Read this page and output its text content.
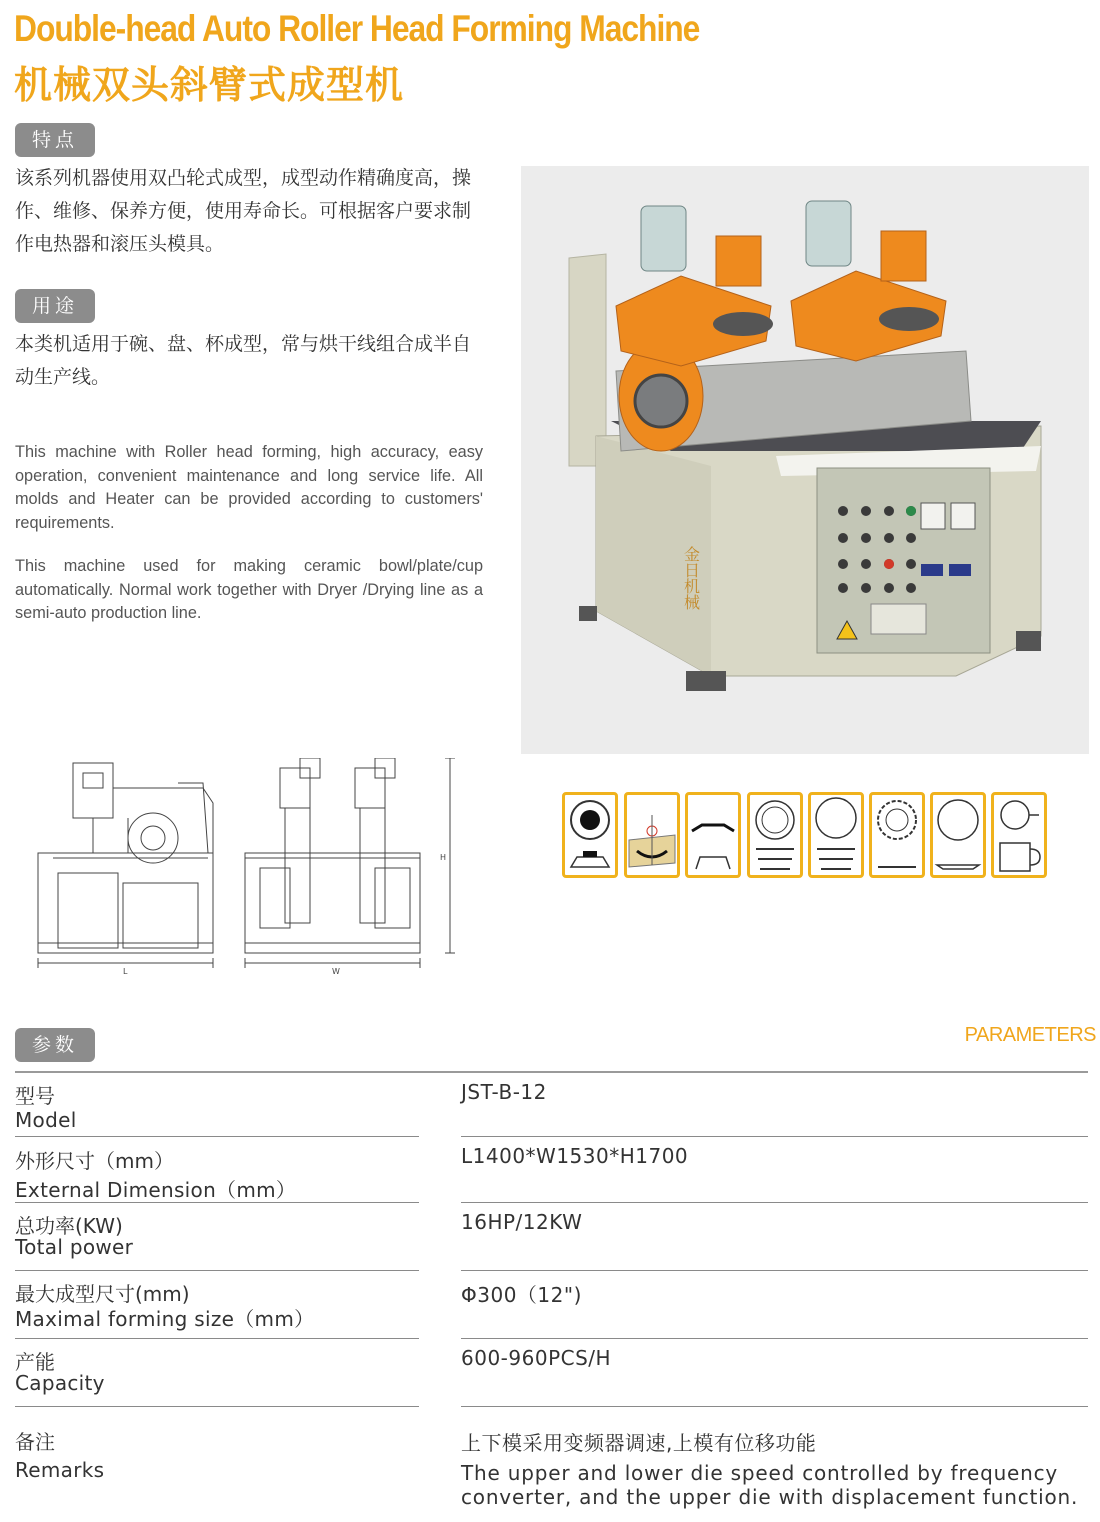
Double-head Auto Roller Head Forming Machine
机械双头斜臂式成型机
特点
该系列机器使用双凸轮式成型，成型动作精确度高，操作、维修、保养方便，使用寿命长。可根据客户要求制作电热器和滚压头模具。
用途
本类机适用于碗、盘、杯成型，常与烘干线组合成半自动生产线。
This machine with Roller head forming, high accuracy, easy operation, convenient maintenance and long service life. All molds and Heater can be provided according to customers' requirements.
This machine used for making ceramic bowl/plate/cup automatically. Normal work together with Dryer /Drying line as a semi-auto production line.
金日机械
L	W
H
参数	PARAMETERS
型号
Model
JST-B-12
外形尺寸（mm）
External Dimension（mm）
L1400*W1530*H1700
总功率(KW)
Total power
16HP/12KW
最大成型尺寸(mm)
Maximal forming size（mm）
Φ300（12")
产能
Capacity
600-960PCS/H
备注
Remarks
上下模采用变频器调速,上模有位移功能
The upper and lower die speed controlled by frequency converter, and the upper die with displacement function.
